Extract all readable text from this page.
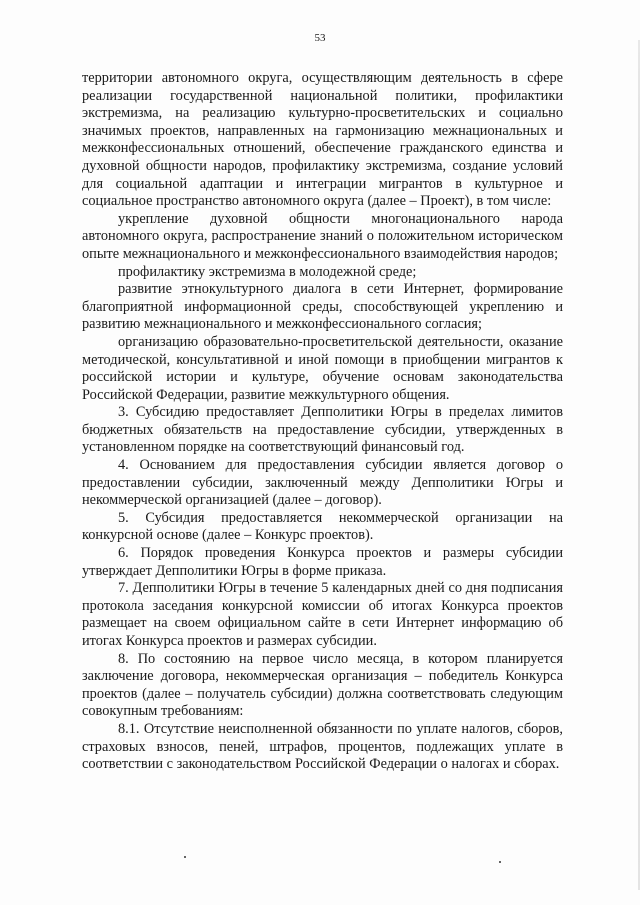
53

территории автономного округа, осуществляющим деятельность в сфере реализации государственной национальной политики, профилактики экстремизма, на реализацию культурно-просветительских и социально значимых проектов, направленных на гармонизацию межнациональных и межконфессиональных отношений, обеспечение гражданского единства и духовной общности народов, профилактику экстремизма, создание условий для социальной адаптации и интеграции мигрантов в культурное и социальное пространство автономного округа (далее – Проект), в том числе:

укрепление духовной общности многонационального народа автономного округа, распространение знаний о положительном историческом опыте межнационального и межконфессионального взаимодействия народов;

профилактику экстремизма в молодежной среде;

развитие этнокультурного диалога в сети Интернет, формирование благоприятной информационной среды, способствующей укреплению и развитию межнационального и межконфессионального согласия;

организацию образовательно-просветительской деятельности, оказание методической, консультативной и иной помощи в приобщении мигрантов к российской истории и культуре, обучение основам законодательства Российской Федерации, развитие межкультурного общения.

3. Субсидию предоставляет Депполитики Югры в пределах лимитов бюджетных обязательств на предоставление субсидии, утвержденных в установленном порядке на соответствующий финансовый год.

4. Основанием для предоставления субсидии является договор о предоставлении субсидии, заключенный между Депполитики Югры и некоммерческой организацией (далее – договор).

5. Субсидия предоставляется некоммерческой организации на конкурсной основе (далее – Конкурс проектов).

6. Порядок проведения Конкурса проектов и размеры субсидии утверждает Депполитики Югры в форме приказа.

7. Депполитики Югры в течение 5 календарных дней со дня подписания протокола заседания конкурсной комиссии об итогах Конкурса проектов размещает на своем официальном сайте в сети Интернет информацию об итогах Конкурса проектов и размерах субсидии.

8. По состоянию на первое число месяца, в котором планируется заключение договора, некоммерческая организация – победитель Конкурса проектов (далее – получатель субсидии) должна соответствовать следующим совокупным требованиям:

8.1. Отсутствие неисполненной обязанности по уплате налогов, сборов, страховых взносов, пеней, штрафов, процентов, подлежащих уплате в соответствии с законодательством Российской Федерации о налогах и сборах.
